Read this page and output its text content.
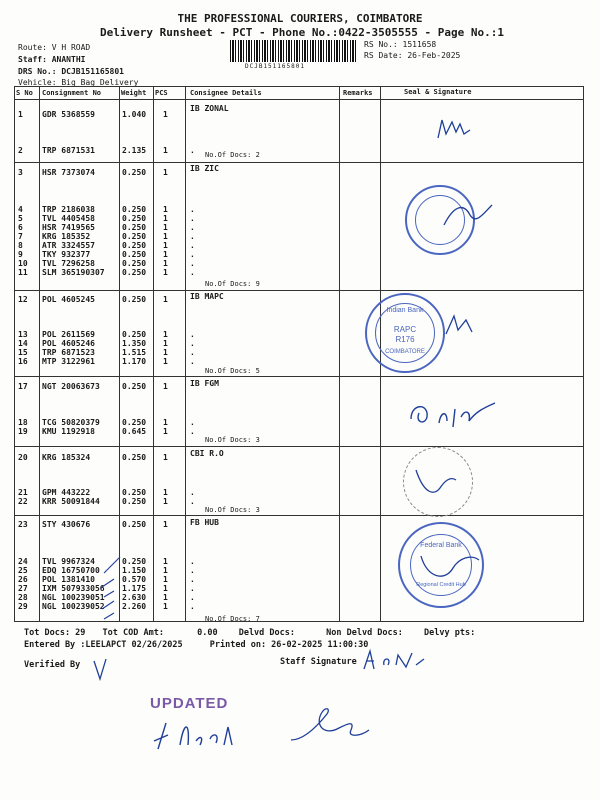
THE PROFESSIONAL COURIERS, COIMBATORE
Delivery Runsheet - PCT - Phone No.:0422-3505555 - Page No.:1
Route: V H ROAD
Staff: ANANTHI
DRS No.: DCJB151165801
Vehicle: Big Bag Delivery
DCJB151165801
RS No.: 1511658
RS Date: 26-Feb-2025
S No Consignment No	Weight PCS	Consignee Details	Remarks	Seal & Signature
IB ZONAL
No.Of Docs: 2
1 GDR 5368559	1.040 1
2 TRP 6871531	2.135 1	.
IB ZIC
No.Of Docs: 9
3 HSR 7373074	0.250 1
4 TRP 2186038	0.250 1	.
5 TVL 4405458	0.250 1	.
6 HSR 7419565	0.250 1	.
7 KRG 185352	0.250 1	.
8 ATR 3324557	0.250 1	.
9 TKY 932377	0.250 1	.
10 TVL 7296258	0.250 1	.
11 SLM 365190307 0.250 1	.
IB MAPC
No.Of Docs: 5
12 POL 4605245	0.250 1
13 POL 2611569	0.250 1	.
14 POL 4605246	1.350 1	.
15 TRP 6871523	1.515 1	.
16 MTP 3122961	1.170 1	.
IB FGM
No.Of Docs: 3
17 NGT 20063673	0.250 1
18 TCG 50820379	0.250 1	.
19 KMU 1192918	0.645 1	.
CBI R.O
No.Of Docs: 3
20 KRG 185324	0.250 1
21 GPM 443222	0.250 1	.
22 KRR 50091844	0.250 1	.
FB HUB
No.Of Docs: 7
23 STY 430676	0.250 1
24 TVL 9967324	0.250 1	.
25 EDQ 16750700	1.150 1	.
26 POL 1381410	0.570 1	.
27 IXM 507933056 1.175 1	.
28 NGL 100239051 2.630 1	.
29 NGL 100239052 2.260 1	.
Indian Bank
RAPC
R176
COIMBATORE
Federal Bank
Regional Credit Hub
Tot Docs: 29 Tot COD Amt:	0.00 Delvd Docs:	Non Delvd Docs: Delvy pts:
Entered By :LEELAPCT 02/26/2025	Printed on: 26-02-2025 11:00:30
Verified By	Staff Signature
UPDATED
